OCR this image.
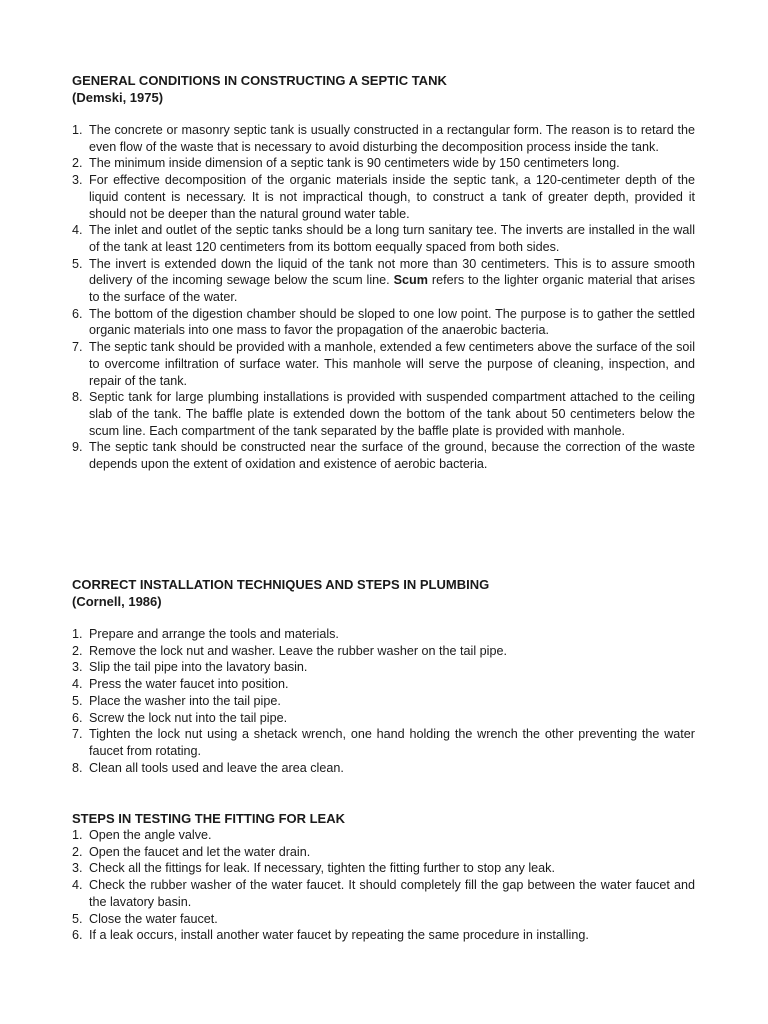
GENERAL CONDITIONS IN CONSTRUCTING A SEPTIC TANK

(Demski, 1975)

1. The concrete or masonry septic tank is usually constructed in a rectangular form. The reason is to retard the even flow of the waste that is necessary to avoid disturbing the decomposition process inside the tank.
2. The minimum inside dimension of a septic tank is 90 centimeters wide by 150 centimeters long.
3. For effective decomposition of the organic materials inside the septic tank, a 120-centimeter depth of the liquid content is necessary. It is not impractical though, to construct a tank of greater depth, provided it should not be deeper than the natural ground water table.
4. The inlet and outlet of the septic tanks should be a long turn sanitary tee. The inverts are installed in the wall of the tank at least 120 centimeters from its bottom eequally spaced from both sides.
5. The invert is extended down the liquid of the tank not more than 30 centimeters. This is to assure smooth delivery of the incoming sewage below the scum line. Scum refers to the lighter organic material that arises to the surface of the water.
6. The bottom of the digestion chamber should be sloped to one low point. The purpose is to gather the settled organic materials into one mass to favor the propagation of the anaerobic bacteria.
7. The septic tank should be provided with a manhole, extended a few centimeters above the surface of the soil to overcome infiltration of surface water. This manhole will serve the purpose of cleaning, inspection, and repair of the tank.
8. Septic tank for large plumbing installations is provided with suspended compartment attached to the ceiling slab of the tank. The baffle plate is extended down the bottom of the tank about 50 centimeters below the scum line. Each compartment of the tank separated by the baffle plate is provided with manhole.
9. The septic tank should be constructed near the surface of the ground, because the correction of the waste depends upon the extent of oxidation and existence of aerobic bacteria.

CORRECT INSTALLATION TECHNIQUES AND STEPS IN PLUMBING

(Cornell, 1986)

1. Prepare and arrange the tools and materials.
2. Remove the lock nut and washer. Leave the rubber washer on the tail pipe.
3. Slip the tail pipe into the lavatory basin.
4. Press the water faucet into position.
5. Place the washer into the tail pipe.
6. Screw the lock nut into the tail pipe.
7. Tighten the lock nut using a shetack wrench, one hand holding the wrench the other preventing the water faucet from rotating.
8. Clean all tools used and leave the area clean.

STEPS IN TESTING THE FITTING FOR LEAK

1. Open the angle valve.
2. Open the faucet and let the water drain.
3. Check all the fittings for leak. If necessary, tighten the fitting further to stop any leak.
4. Check the rubber washer of the water faucet. It should completely fill the gap between the water faucet and the lavatory basin.
5. Close the water faucet.
6. If a leak occurs, install another water faucet by repeating the same procedure in installing.
